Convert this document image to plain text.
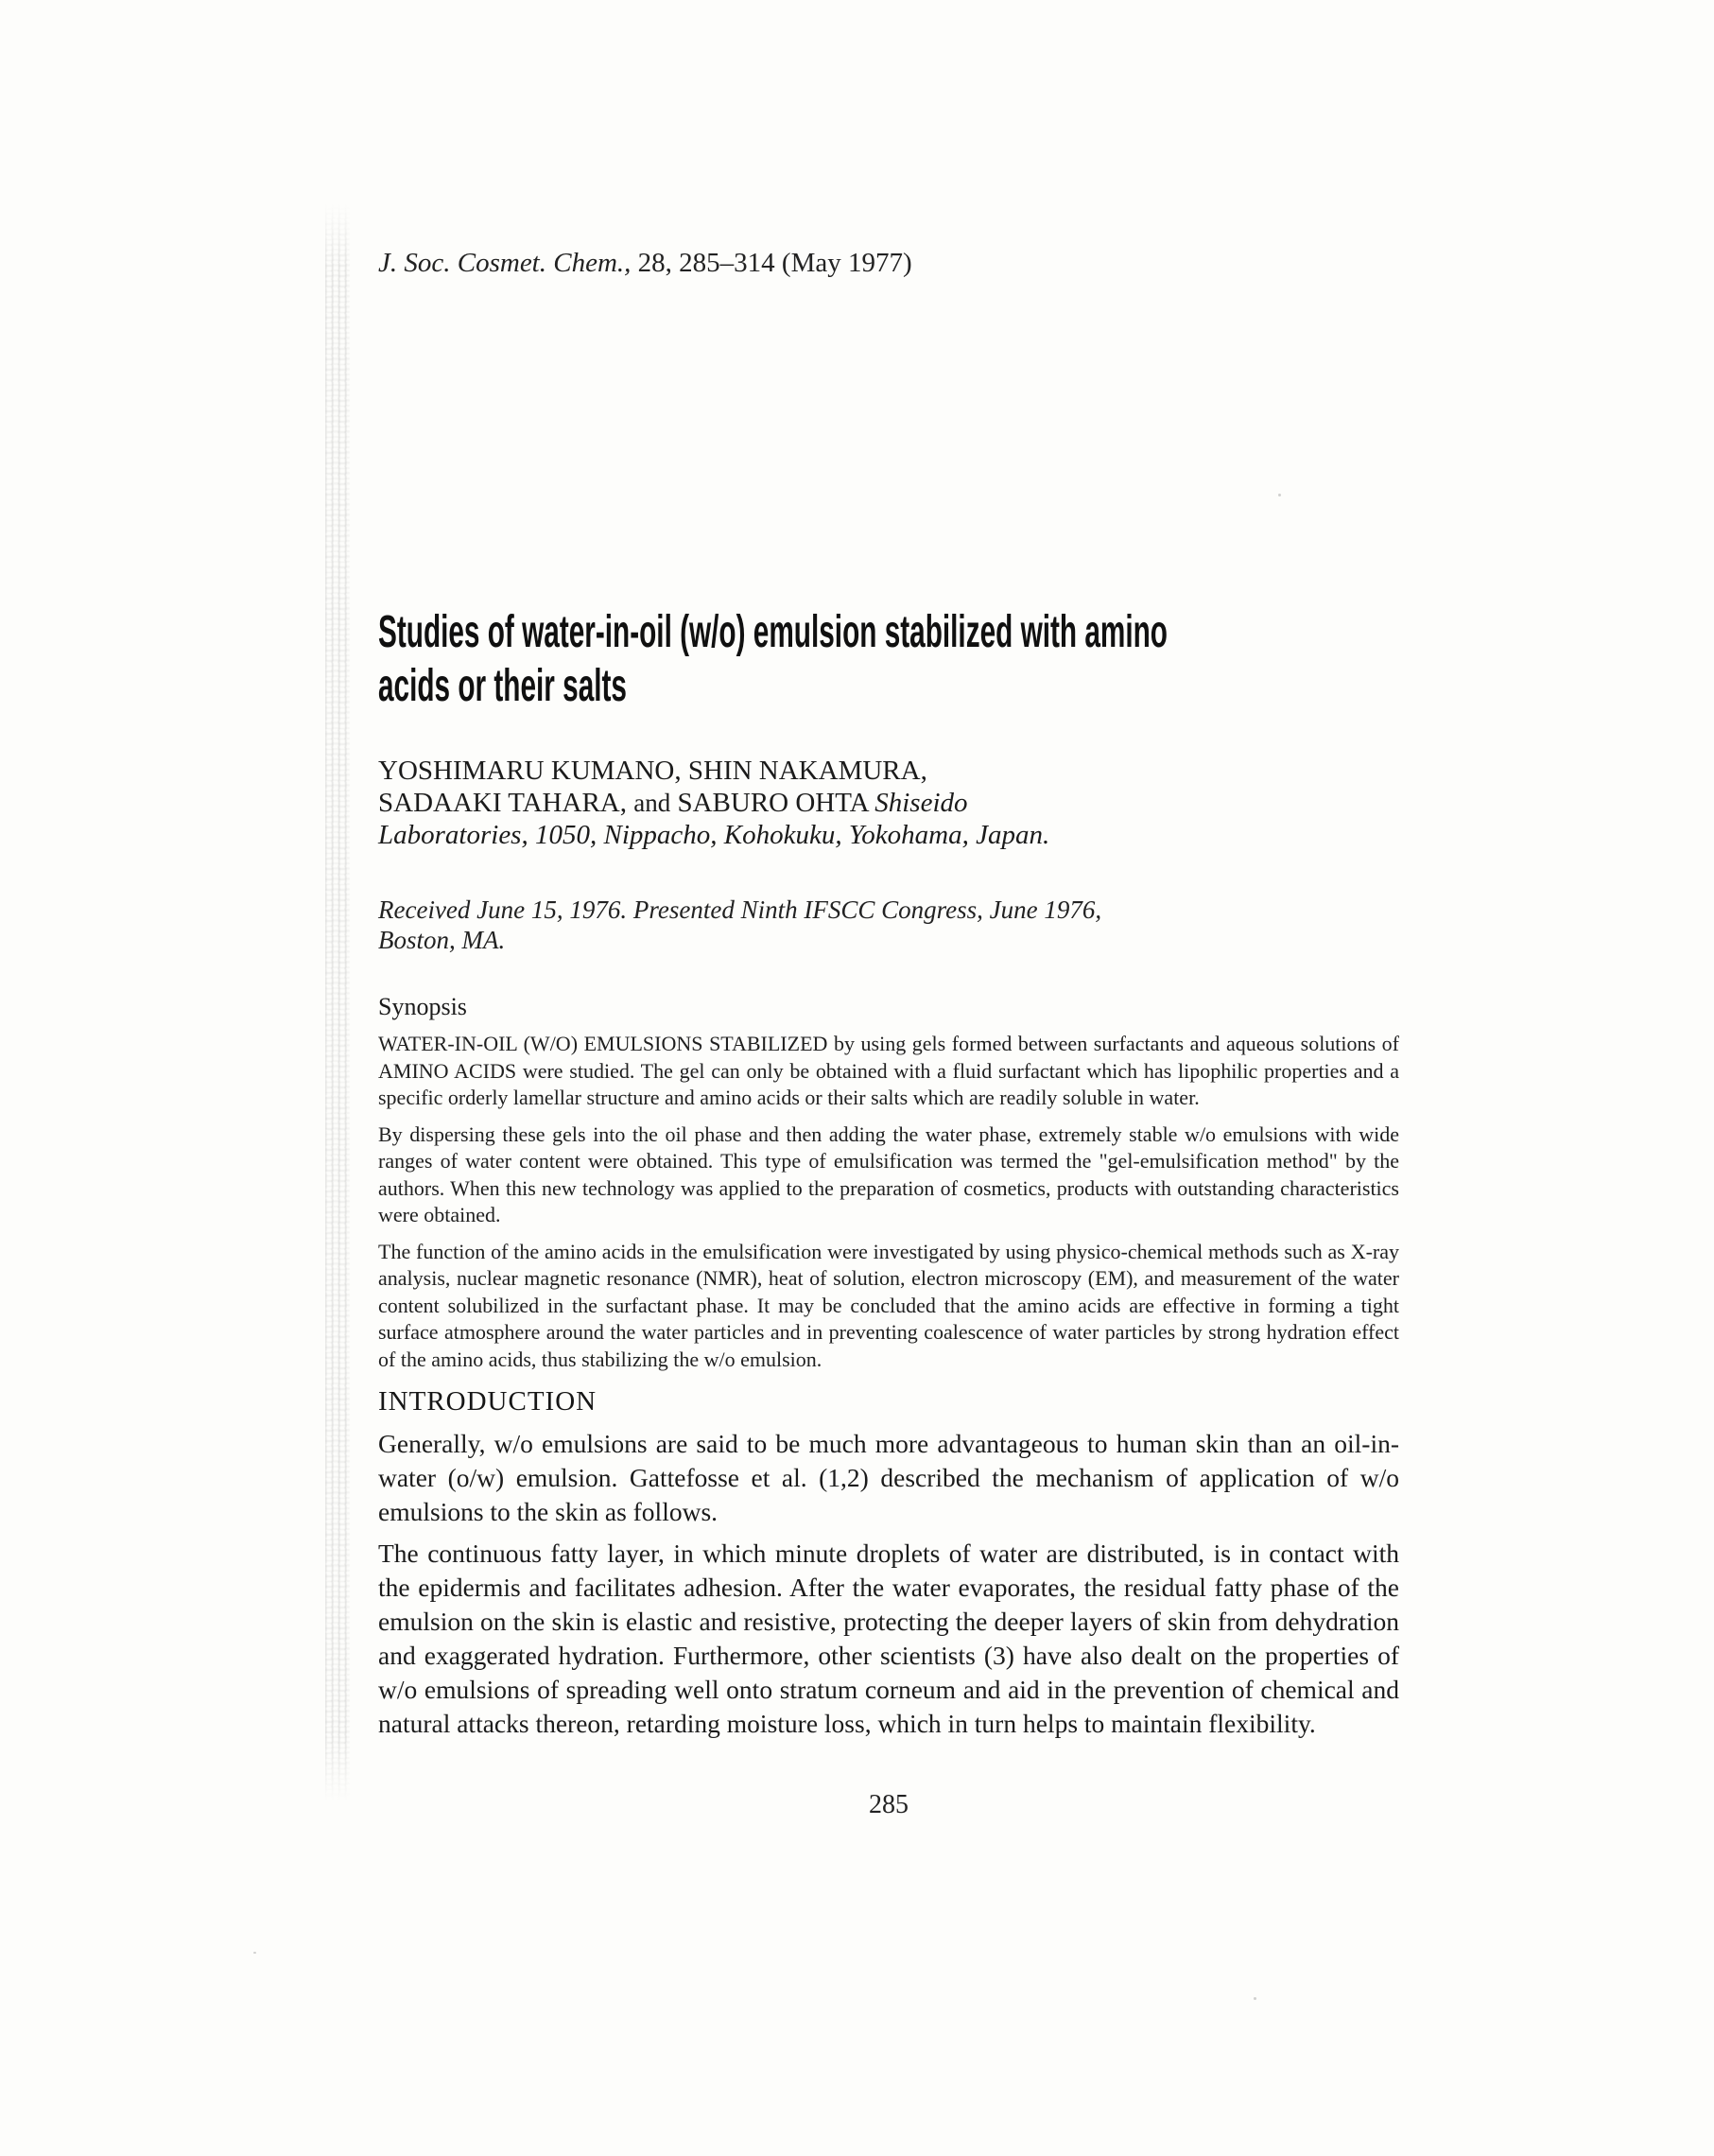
J. Soc. Cosmet. Chem., 28, 285–314 (May 1977)
Studies of water-in-oil (w/o) emulsion stabilized with amino
acids or their salts
YOSHIMARU KUMANO, SHIN NAKAMURA,
SADAAKI TAHARA, and SABURO OHTA Shiseido
Laboratories, 1050, Nippacho, Kohokuku, Yokohama, Japan.
Received June 15, 1976. Presented Ninth IFSCC Congress, June 1976,
Boston, MA.
Synopsis

WATER-IN-OIL (W/O) EMULSIONS STABILIZED by using gels formed between surfactants and aqueous solutions of AMINO ACIDS were studied. The gel can only be obtained with a fluid surfactant which has lipophilic properties and a specific orderly lamellar structure and amino acids or their salts which are readily soluble in water.

By dispersing these gels into the oil phase and then adding the water phase, extremely stable w/o emulsions with wide ranges of water content were obtained. This type of emulsification was termed the "gel-emulsification method" by the authors. When this new technology was applied to the preparation of cosmetics, products with outstanding characteristics were obtained.

The function of the amino acids in the emulsification were investigated by using physico-chemical methods such as X-ray analysis, nuclear magnetic resonance (NMR), heat of solution, electron microscopy (EM), and measurement of the water content solubilized in the surfactant phase. It may be concluded that the amino acids are effective in forming a tight surface atmosphere around the water particles and in preventing coalescence of water particles by strong hydration effect of the amino acids, thus stabilizing the w/o emulsion.

INTRODUCTION

Generally, w/o emulsions are said to be much more advantageous to human skin than an oil-in-water (o/w) emulsion. Gattefosse et al. (1,2) described the mechanism of application of w/o emulsions to the skin as follows.

The continuous fatty layer, in which minute droplets of water are distributed, is in contact with the epidermis and facilitates adhesion. After the water evaporates, the residual fatty phase of the emulsion on the skin is elastic and resistive, protecting the deeper layers of skin from dehydration and exaggerated hydration. Furthermore, other scientists (3) have also dealt on the properties of w/o emulsions of spreading well onto stratum corneum and aid in the prevention of chemical and natural attacks thereon, retarding moisture loss, which in turn helps to maintain flexibility.

285
